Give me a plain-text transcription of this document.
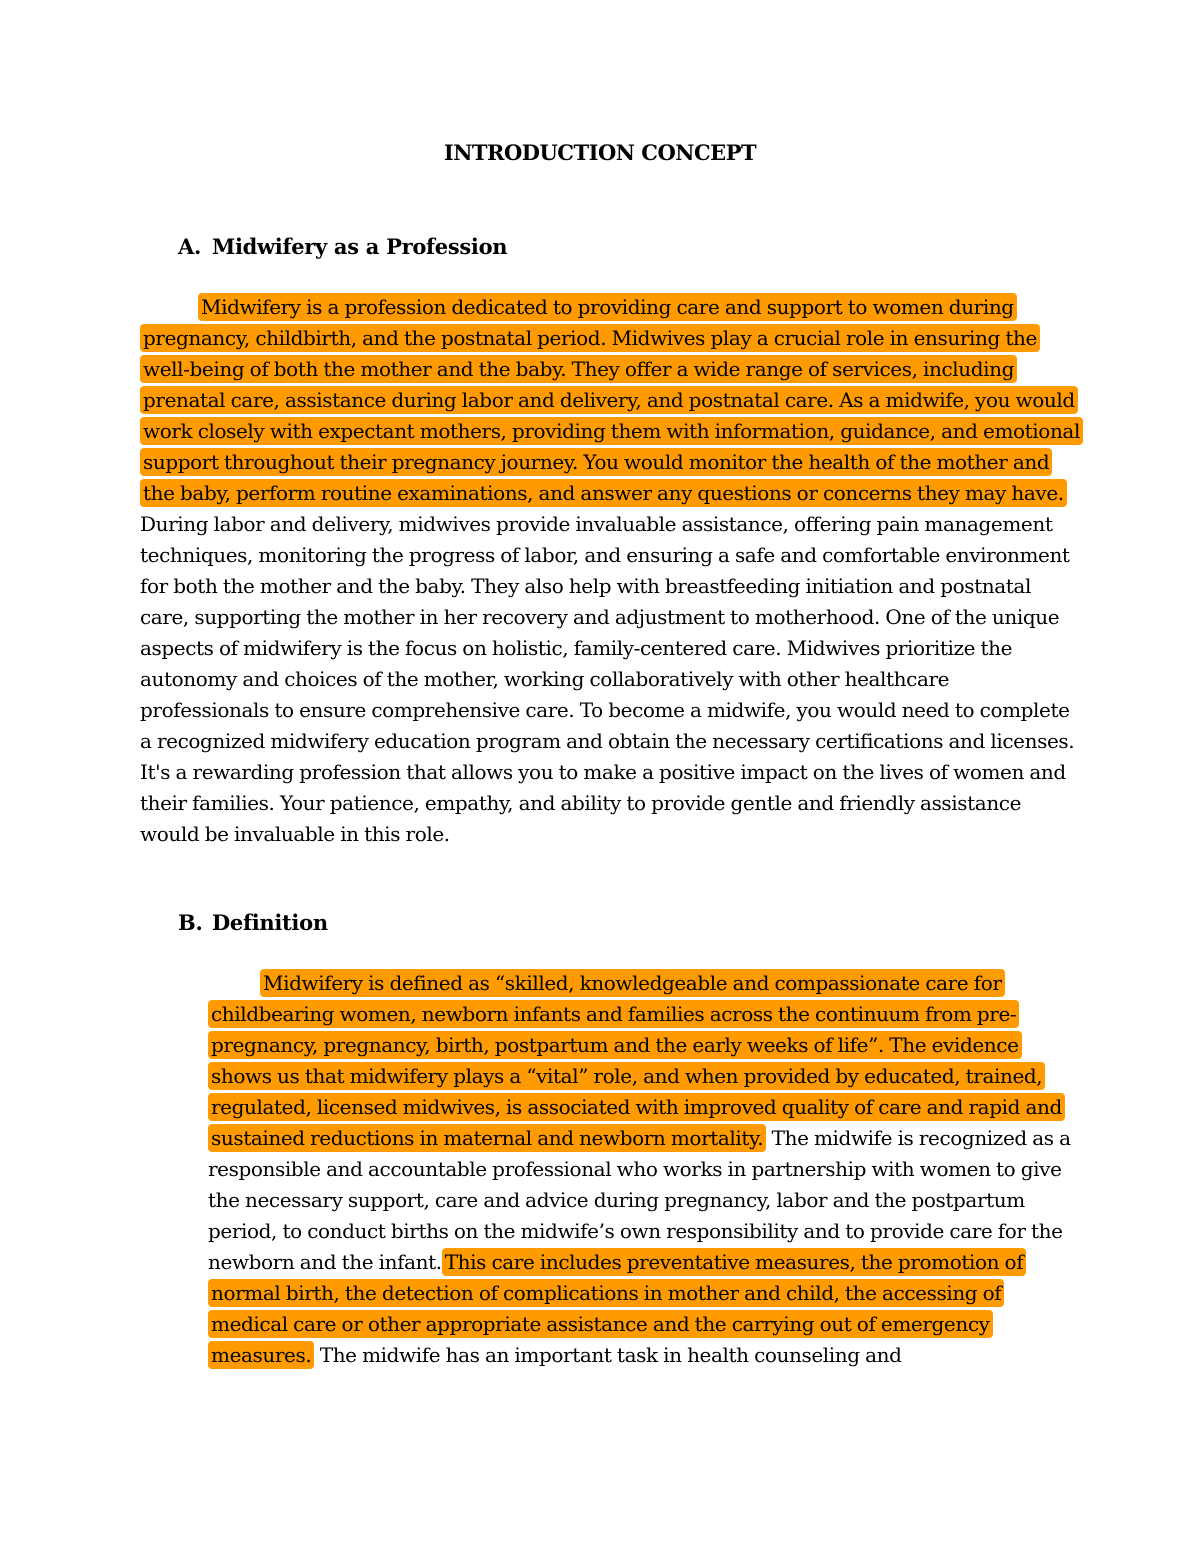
INTRODUCTION CONCEPT
A. Midwifery as a Profession

Midwifery is a profession dedicated to providing care and support to women during pregnancy, childbirth, and the postnatal period. Midwives play a crucial role in ensuring the well-being of both the mother and the baby. They offer a wide range of services, including prenatal care, assistance during labor and delivery, and postnatal care. As a midwife, you would work closely with expectant mothers, providing them with information, guidance, and emotional support throughout their pregnancy journey. You would monitor the health of the mother and the baby, perform routine examinations, and answer any questions or concerns they may have. During labor and delivery, midwives provide invaluable assistance, offering pain management techniques, monitoring the progress of labor, and ensuring a safe and comfortable environment for both the mother and the baby. They also help with breastfeeding initiation and postnatal care, supporting the mother in her recovery and adjustment to motherhood. One of the unique aspects of midwifery is the focus on holistic, family-centered care. Midwives prioritize the autonomy and choices of the mother, working collaboratively with other healthcare professionals to ensure comprehensive care. To become a midwife, you would need to complete a recognized midwifery education program and obtain the necessary certifications and licenses. It's a rewarding profession that allows you to make a positive impact on the lives of women and their families. Your patience, empathy, and ability to provide gentle and friendly assistance would be invaluable in this role.

B. Definition

Midwifery is defined as “skilled, knowledgeable and compassionate care for childbearing women, newborn infants and families across the continuum from pre-pregnancy, pregnancy, birth, postpartum and the early weeks of life”. The evidence shows us that midwifery plays a “vital” role, and when provided by educated, trained, regulated, licensed midwives, is associated with improved quality of care and rapid and sustained reductions in maternal and newborn mortality. The midwife is recognized as a responsible and accountable professional who works in partnership with women to give the necessary support, care and advice during pregnancy, labor and the postpartum period, to conduct births on the midwife’s own responsibility and to provide care for the newborn and the infant. This care includes preventative measures, the promotion of normal birth, the detection of complications in mother and child, the accessing of medical care or other appropriate assistance and the carrying out of emergency measures. The midwife has an important task in health counseling and
